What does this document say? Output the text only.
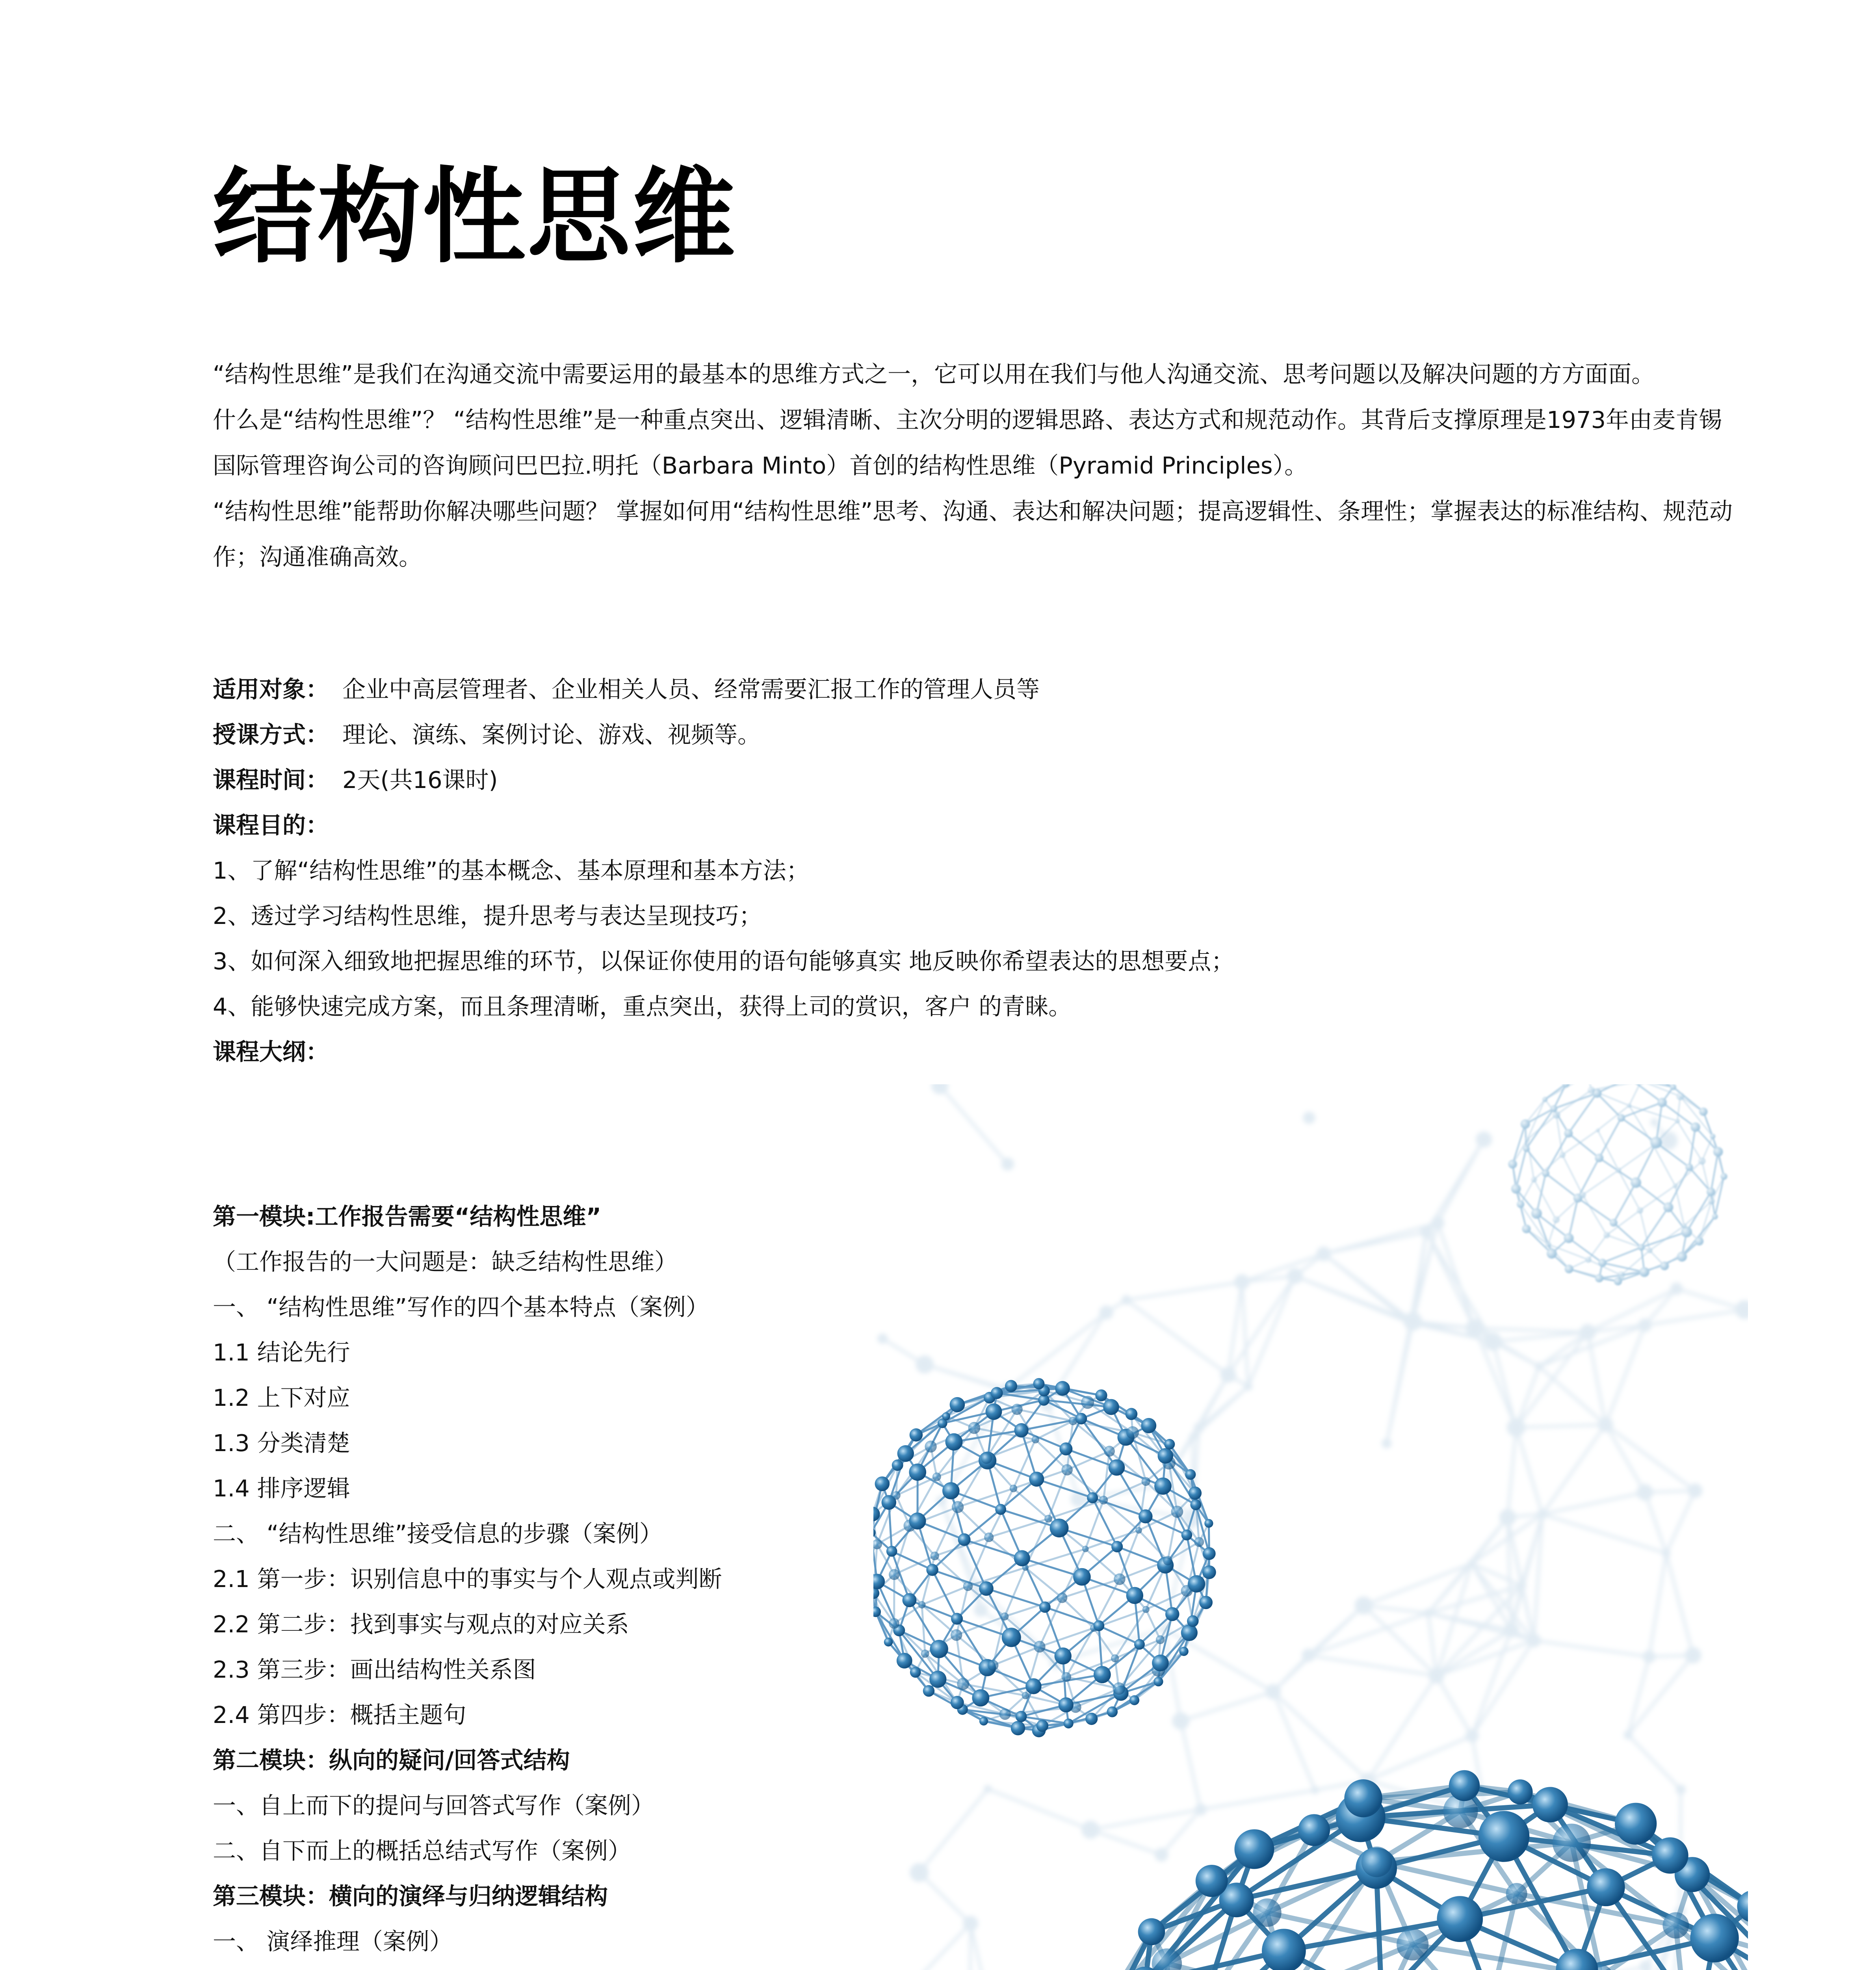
结构性思维

“结构性思维”是我们在沟通交流中需要运用的最基本的思维方式之一，它可以用在我们与他人沟通交流、思考问题以及解决问题的方方面面。

什么是“结构性思维”？ “结构性思维”是一种重点突出、逻辑清晰、主次分明的逻辑思路、表达方式和规范动作。其背后支撑原理是1973年由麦肯锡国际管理咨询公司的咨询顾问巴巴拉.明托（Barbara Minto）首创的结构性思维（Pyramid Principles）。

“结构性思维”能帮助你解决哪些问题？ 掌握如何用“结构性思维”思考、沟通、表达和解决问题；提高逻辑性、条理性；掌握表达的标准结构、规范动作；沟通准确高效。

适用对象： 企业中高层管理者、企业相关人员、经常需要汇报工作的管理人员等
授课方式： 理论、演练、案例讨论、游戏、视频等。
课程时间： 2天(共16课时)
课程目的：
1、了解“结构性思维”的基本概念、基本原理和基本方法；
2、透过学习结构性思维，提升思考与表达呈现技巧；
3、如何深入细致地把握思维的环节，以保证你使用的语句能够真实 地反映你希望表达的思想要点；
4、能够快速完成方案，而且条理清晰，重点突出，获得上司的赏识，客户 的青睐。
课程大纲：
第一模块:工作报告需要“结构性思维”
（工作报告的一大问题是：缺乏结构性思维）
一、 “结构性思维”写作的四个基本特点（案例）
1.1 结论先行
1.2 上下对应
1.3 分类清楚
1.4 排序逻辑
二、 “结构性思维”接受信息的步骤（案例）
2.1 第一步：识别信息中的事实与个人观点或判断
2.2 第二步：找到事实与观点的对应关系
2.3 第三步：画出结构性关系图
2.4 第四步：概括主题句
第二模块：纵向的疑问/回答式结构
一、自上而下的提问与回答式写作（案例）
二、自下而上的概括总结式写作（案例）
第三模块：横向的演绎与归纳逻辑结构
一、 演绎推理（案例）
